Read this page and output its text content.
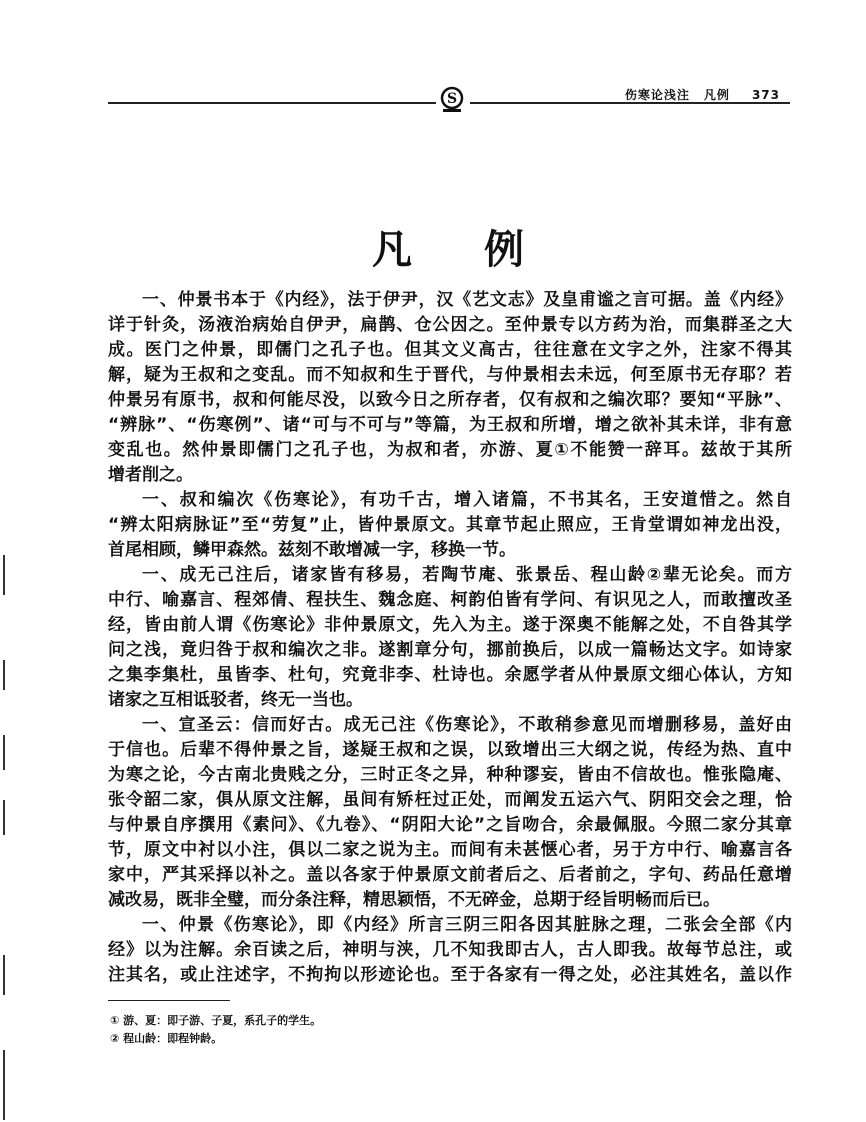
S	伤寒论浅注 凡例 373
凡 例
一、仲景书本于《内经》，法于伊尹，汉《艺文志》及皇甫谧之言可据。盖《内经》
详于针灸，汤液治病始自伊尹，扁鹊、仓公因之。至仲景专以方药为治，而集群圣之大
成。医门之仲景，即儒门之孔子也。但其文义高古，往往意在文字之外，注家不得其
解，疑为王叔和之变乱。而不知叔和生于晋代，与仲景相去未远，何至原书无存耶？若
仲景另有原书，叔和何能尽没，以致今日之所存者，仅有叔和之编次耶？要知“平脉”、
“辨脉”、“伤寒例”、诸“可与不可与”等篇，为王叔和所增，增之欲补其未详，非有意
变乱也。然仲景即儒门之孔子也，为叔和者，亦游、夏①不能赞一辞耳。兹故于其所
增者削之。
一、叔和编次《伤寒论》，有功千古，增入诸篇，不书其名，王安道惜之。然自
“辨太阳病脉证”至“劳复”止，皆仲景原文。其章节起止照应，王肯堂谓如神龙出没，
首尾相顾，鳞甲森然。兹刻不敢增减一字，移换一节。
一、成无己注后，诸家皆有移易，若陶节庵、张景岳、程山龄②辈无论矣。而方
中行、喻嘉言、程郊倩、程扶生、魏念庭、柯韵伯皆有学问、有识见之人，而敢擅改圣
经，皆由前人谓《伤寒论》非仲景原文，先入为主。遂于深奥不能解之处，不自咎其学
问之浅，竟归咎于叔和编次之非。遂割章分句，挪前换后，以成一篇畅达文字。如诗家
之集李集杜，虽皆李、杜句，究竟非李、杜诗也。余愿学者从仲景原文细心体认，方知
诸家之互相诋驳者，终无一当也。
一、宣圣云：信而好古。成无己注《伤寒论》，不敢稍参意见而增删移易，盖好由
于信也。后辈不得仲景之旨，遂疑王叔和之误，以致增出三大纲之说，传经为热、直中
为寒之论，今古南北贵贱之分，三时正冬之异，种种谬妄，皆由不信故也。惟张隐庵、
张令韶二家，俱从原文注解，虽间有矫枉过正处，而阐发五运六气、阴阳交会之理，恰
与仲景自序撰用《素问》、《九卷》、“阴阳大论”之旨吻合，余最佩服。今照二家分其章
节，原文中衬以小注，俱以二家之说为主。而间有未甚惬心者，另于方中行、喻嘉言各
家中，严其采择以补之。盖以各家于仲景原文前者后之、后者前之，字句、药品任意增
减改易，既非全璧，而分条注释，精思颖悟，不无碎金，总期于经旨明畅而后已。
一、仲景《伤寒论》，即《内经》所言三阴三阳各因其脏脉之理，二张会全部《内
经》以为注解。余百读之后，神明与浃，几不知我即古人，古人即我。故每节总注，或
注其名，或止注述字，不拘拘以形迹论也。至于各家有一得之处，必注其姓名，盖以作
① 游、夏：即子游、子夏，系孔子的学生。
② 程山龄：即程钟龄。
